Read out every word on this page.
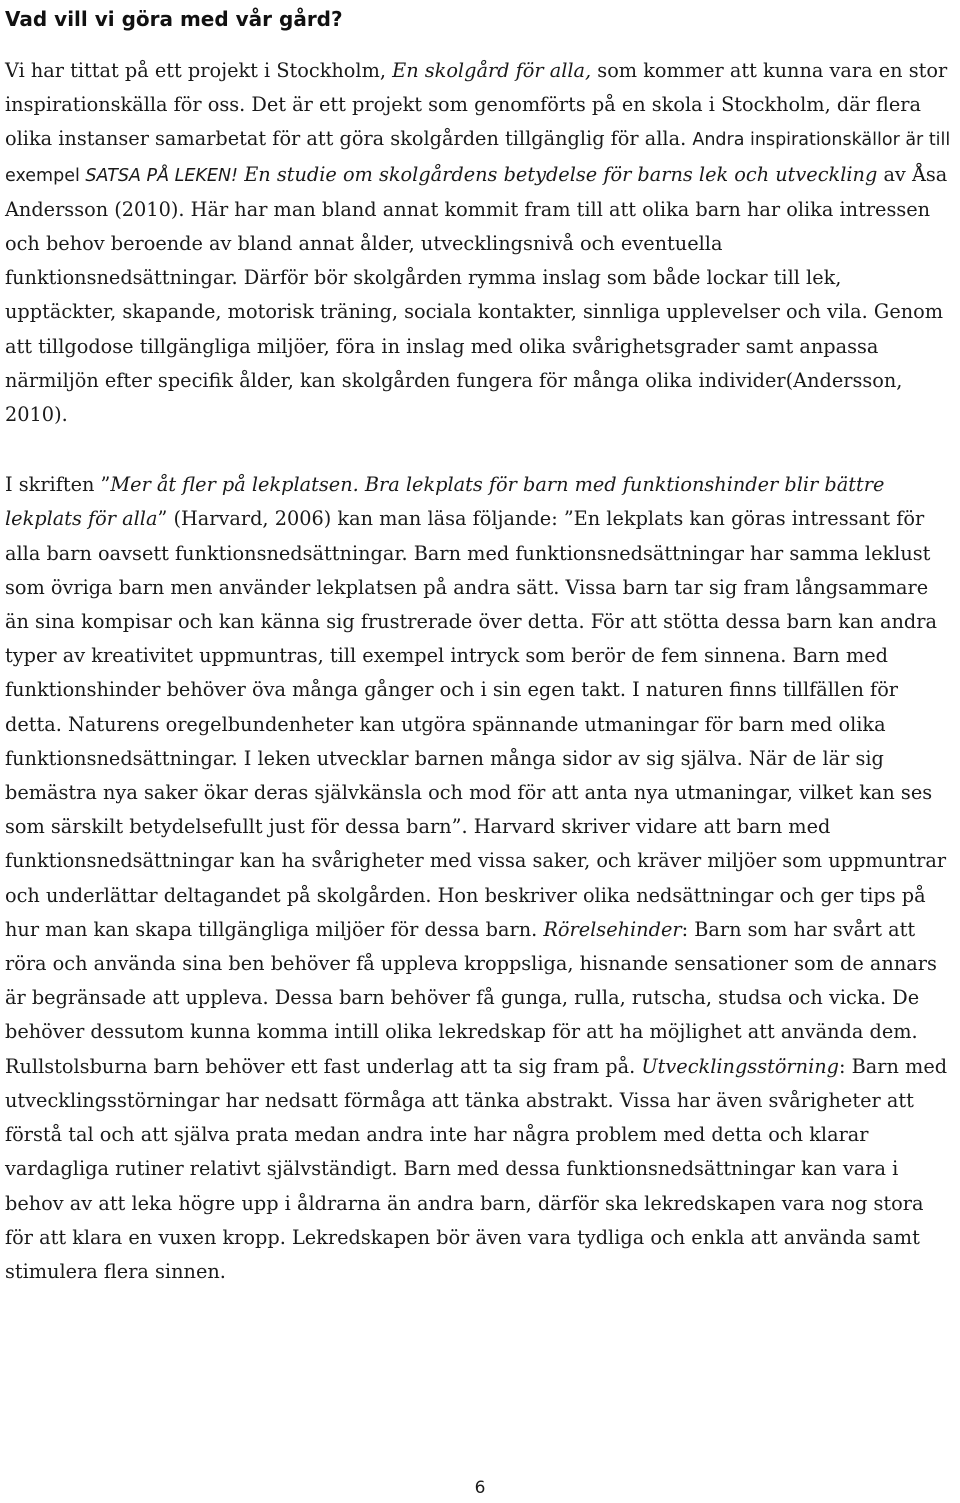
Vad vill vi göra med vår gård?

Vi har tittat på ett projekt i Stockholm, En skolgård för alla, som kommer att kunna vara en stor inspirationskälla för oss. Det är ett projekt som genomförts på en skola i Stockholm, där flera olika instanser samarbetat för att göra skolgården tillgänglig för alla. Andra inspirationskällor är till exempel SATSA PÅ LEKEN! En studie om skolgårdens betydelse för barns lek och utveckling av Åsa Andersson (2010). Här har man bland annat kommit fram till att olika barn har olika intressen och behov beroende av bland annat ålder, utvecklingsnivå och eventuella funktionsnedsättningar. Därför bör skolgården rymma inslag som både lockar till lek, upptäckter, skapande, motorisk träning, sociala kontakter, sinnliga upplevelser och vila. Genom att tillgodose tillgängliga miljöer, föra in inslag med olika svårighetsgrader samt anpassa närmiljön efter specifik ålder, kan skolgården fungera för många olika individer(Andersson, 2010).

I skriften ”Mer åt fler på lekplatsen. Bra lekplats för barn med funktionshinder blir bättre lekplats för alla” (Harvard, 2006) kan man läsa följande: ”En lekplats kan göras intressant för alla barn oavsett funktionsnedsättningar. Barn med funktionsnedsättningar har samma leklust som övriga barn men använder lekplatsen på andra sätt. Vissa barn tar sig fram långsammare än sina kompisar och kan känna sig frustrerade över detta. För att stötta dessa barn kan andra typer av kreativitet uppmuntras, till exempel intryck som berör de fem sinnena. Barn med funktionshinder behöver öva många gånger och i sin egen takt. I naturen finns tillfällen för detta. Naturens oregelbundenheter kan utgöra spännande utmaningar för barn med olika funktionsnedsättningar. I leken utvecklar barnen många sidor av sig själva. När de lär sig bemästra nya saker ökar deras självkänsla och mod för att anta nya utmaningar, vilket kan ses som särskilt betydelsefullt just för dessa barn”. Harvard skriver vidare att barn med funktionsnedsättningar kan ha svårigheter med vissa saker, och kräver miljöer som uppmuntrar och underlättar deltagandet på skolgården. Hon beskriver olika nedsättningar och ger tips på hur man kan skapa tillgängliga miljöer för dessa barn. Rörelsehinder: Barn som har svårt att röra och använda sina ben behöver få uppleva kroppsliga, hisnande sensationer som de annars är begränsade att uppleva. Dessa barn behöver få gunga, rulla, rutscha, studsa och vicka. De behöver dessutom kunna komma intill olika lekredskap för att ha möjlighet att använda dem. Rullstolsburna barn behöver ett fast underlag att ta sig fram på. Utvecklingsstörning: Barn med utvecklingsstörningar har nedsatt förmåga att tänka abstrakt. Vissa har även svårigheter att förstå tal och att själva prata medan andra inte har några problem med detta och klarar vardagliga rutiner relativt självständigt. Barn med dessa funktionsnedsättningar kan vara i behov av att leka högre upp i åldrarna än andra barn, därför ska lekredskapen vara nog stora för att klara en vuxen kropp. Lekredskapen bör även vara tydliga och enkla att använda samt stimulera flera sinnen.

6
